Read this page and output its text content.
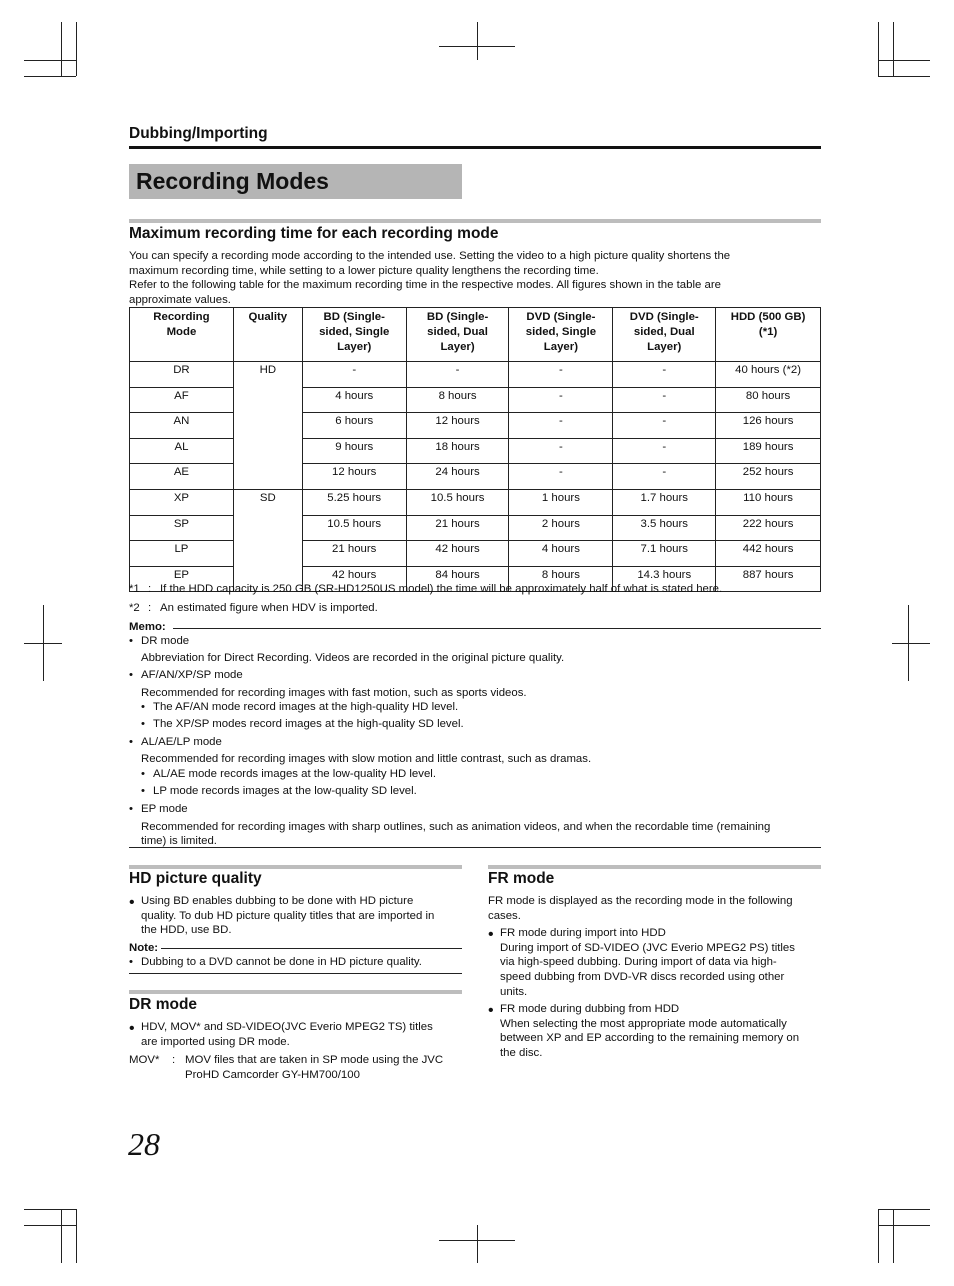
Dubbing/Importing
Recording Modes
Maximum recording time for each recording mode

You can specify a recording mode according to the intended use. Setting the video to a high picture quality shortens the

maximum recording time, while setting to a lower picture quality lengthens the recording time.

Refer to the following table for the maximum recording time in the respective modes. All figures shown in the table are

approximate values.

Recording
Mode	Quality	BD (Single-
sided, Single
Layer)	BD (Single-
sided, Dual
Layer)	DVD (Single-
sided, Single
Layer)	DVD (Single-
sided, Dual
Layer)	HDD (500 GB)
(*1)
DR	HD	-	-	-	-	40 hours (*2)
AF		4 hours	8 hours	-	-	80 hours
AN		6 hours	12 hours	-	-	126 hours
AL		9 hours	18 hours	-	-	189 hours
AE		12 hours	24 hours	-	-	252 hours
XP	SD	5.25 hours	10.5 hours	1 hours	1.7 hours	110 hours
SP		10.5 hours	21 hours	2 hours	3.5 hours	222 hours
LP		21 hours	42 hours	4 hours	7.1 hours	442 hours
EP		42 hours	84 hours	8 hours	14.3 hours	887 hours
*1 : If the HDD capacity is 250 GB (SR-HD1250US model) the time will be approximately half of what is stated here.
*2 : An estimated figure when HDV is imported.
Memo:

• DR mode

Abbreviation for Direct Recording. Videos are recorded in the original picture quality.

• AF/AN/XP/SP mode

Recommended for recording images with fast motion, such as sports videos.

• The AF/AN mode record images at the high-quality HD level.

• The XP/SP modes record images at the high-quality SD level.

• AL/AE/LP mode

Recommended for recording images with slow motion and little contrast, such as dramas.

• AL/AE mode records images at the low-quality HD level.

• LP mode records images at the low-quality SD level.

• EP mode

Recommended for recording images with sharp outlines, such as animation videos, and when the recordable time (remaining

time) is limited.

HD picture quality

• Using BD enables dubbing to be done with HD picture

quality. To dub HD picture quality titles that are imported in

the HDD, use BD.

Note:

• Dubbing to a DVD cannot be done in HD picture quality.

DR mode

• HDV, MOV* and SD-VIDEO(JVC Everio MPEG2 TS) titles

are imported using DR mode.

MOV* : MOV files that are taken in SP mode using the JVC

ProHD Camcorder GY-HM700/100

FR mode

FR mode is displayed as the recording mode in the following

cases.

• FR mode during import into HDD

During import of SD-VIDEO (JVC Everio MPEG2 PS) titles

via high-speed dubbing. During import of data via high-

speed dubbing from DVD-VR discs recorded using other

units.

• FR mode during dubbing from HDD

When selecting the most appropriate mode automatically

between XP and EP according to the remaining memory on

the disc.

28
